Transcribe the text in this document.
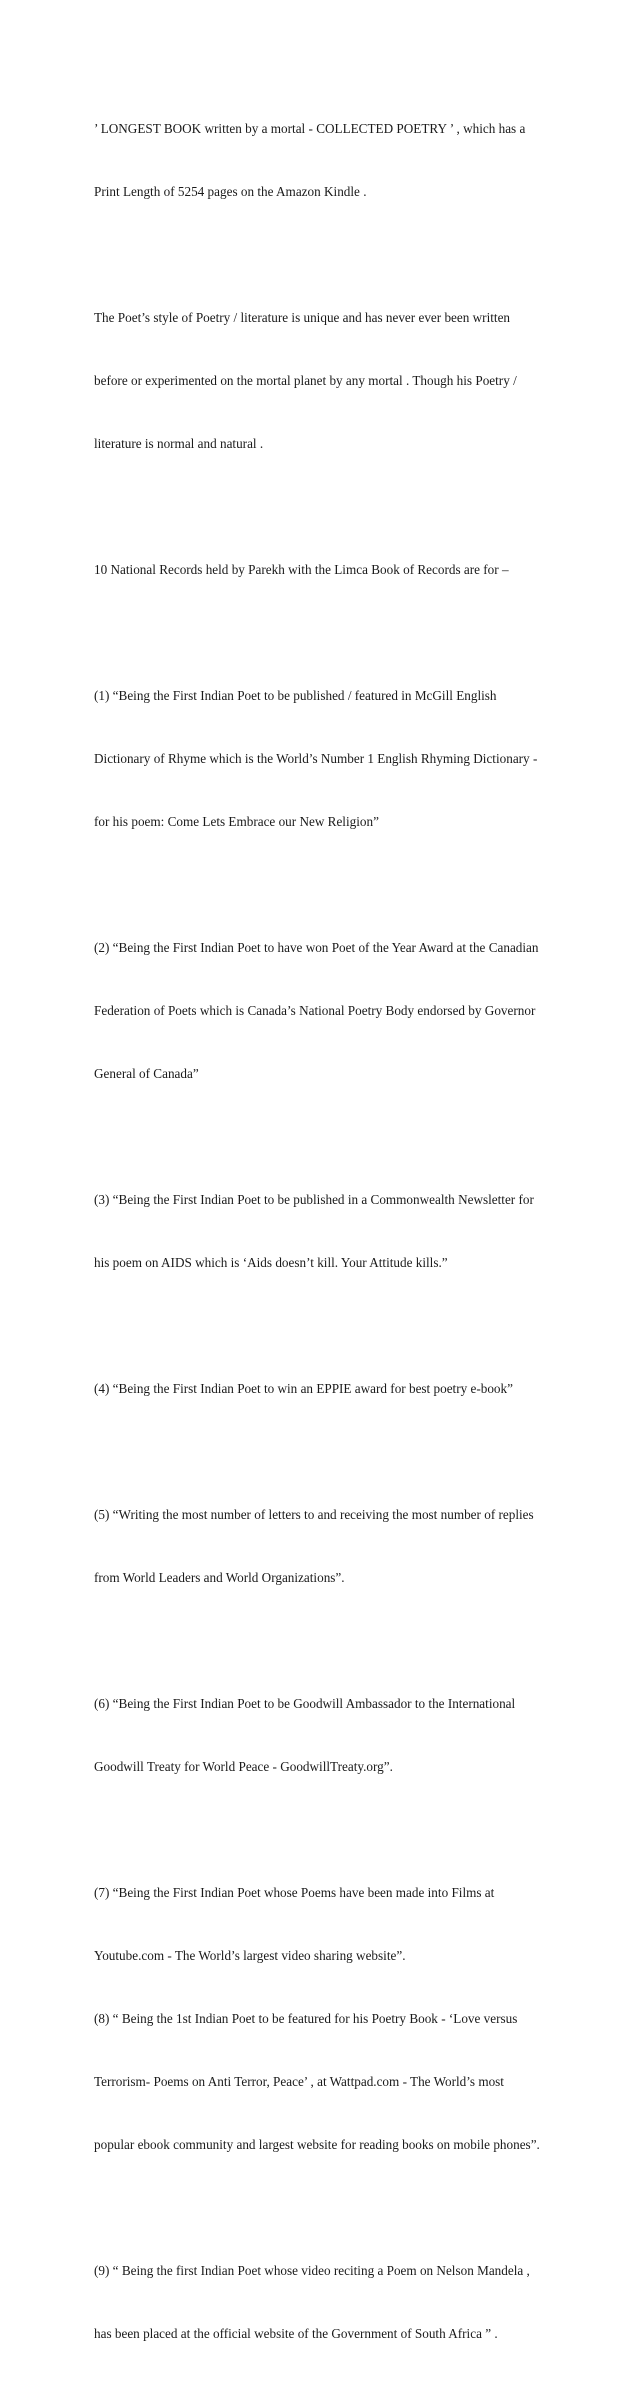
’ LONGEST BOOK written by a mortal - COLLECTED POETRY ’ , which has a

Print Length of 5254 pages on the Amazon Kindle .

The Poet’s style of Poetry / literature is unique and has never ever been written

before or experimented on the mortal planet by any mortal . Though his Poetry /

literature is normal and natural .

10 National Records held by Parekh with the Limca Book of Records are for –

(1) “Being the First Indian Poet to be published / featured in McGill English

Dictionary of Rhyme which is the World’s Number 1 English Rhyming Dictionary -

for his poem: Come Lets Embrace our New Religion”

(2) “Being the First Indian Poet to have won Poet of the Year Award at the Canadian

Federation of Poets which is Canada’s National Poetry Body endorsed by Governor

General of Canada”

(3) “Being the First Indian Poet to be published in a Commonwealth Newsletter for

his poem on AIDS which is ‘Aids doesn’t kill. Your Attitude kills.”

(4) “Being the First Indian Poet to win an EPPIE award for best poetry e-book”

(5) “Writing the most number of letters to and receiving the most number of replies

from World Leaders and World Organizations”.

(6) “Being the First Indian Poet to be Goodwill Ambassador to the International

Goodwill Treaty for World Peace - GoodwillTreaty.org”.

(7) “Being the First Indian Poet whose Poems have been made into Films at

Youtube.com - The World’s largest video sharing website”.

(8) “ Being the 1st Indian Poet to be featured for his Poetry Book - ‘Love versus

Terrorism- Poems on Anti Terror, Peace’ , at Wattpad.com - The World’s most

popular ebook community and largest website for reading books on mobile phones”.

(9) “ Being the first Indian Poet whose video reciting a Poem on Nelson Mandela ,

has been placed at the official website of the Government of South Africa ” .
